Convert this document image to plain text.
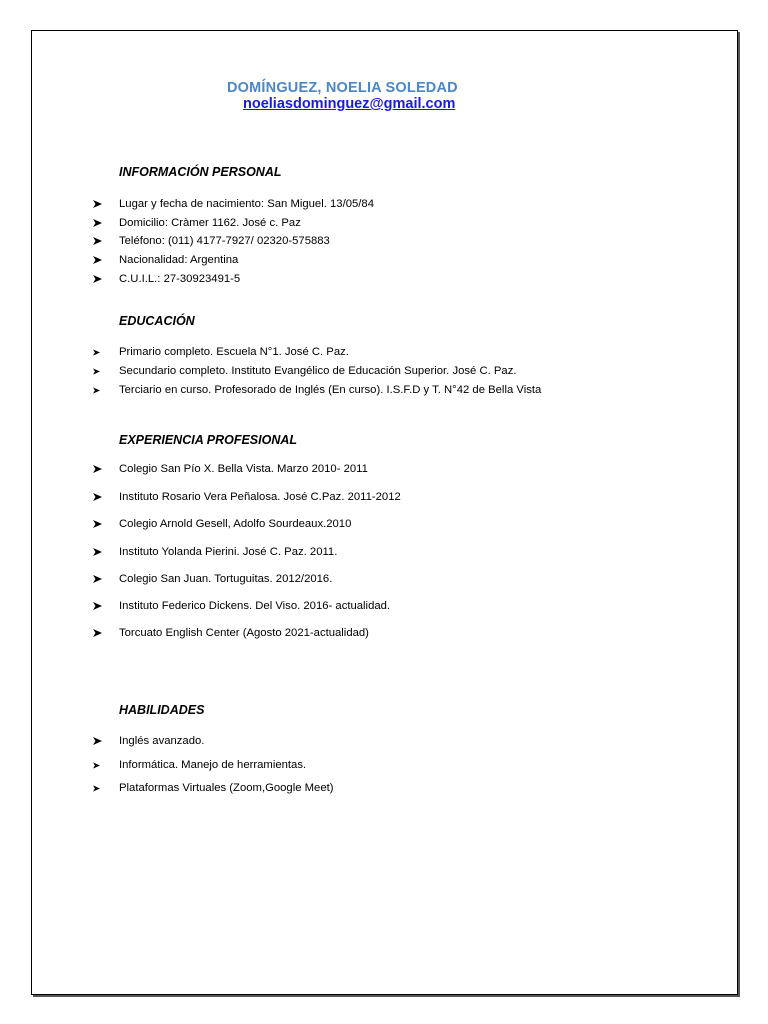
DOMÍNGUEZ, NOELIA SOLEDAD
noeliasdominguez@gmail.com
INFORMACIÓN PERSONAL
Lugar y fecha de nacimiento: San Miguel. 13/05/84
Domicilio: Cràmer 1162. José c. Paz
Teléfono: (011) 4177-7927/ 02320-575883
Nacionalidad: Argentina
C.U.I.L.: 27-30923491-5
EDUCACIÓN
Primario completo. Escuela N°1. José C. Paz.
Secundario completo. Instituto Evangélico de Educación Superior. José C. Paz.
Terciario en curso. Profesorado de Inglés (En curso). I.S.F.D y T. N°42 de Bella Vista
EXPERIENCIA PROFESIONAL
Colegio San Pío X. Bella Vista. Marzo 2010- 2011
Instituto Rosario Vera Peñalosa. José C.Paz. 2011-2012
Colegio Arnold Gesell, Adolfo Sourdeaux.2010
Instituto Yolanda Pierini. José C. Paz. 2011.
Colegio San Juan. Tortuguitas. 2012/2016.
Instituto Federico Dickens. Del Viso. 2016- actualidad.
Torcuato English Center (Agosto 2021-actualidad)
HABILIDADES
Inglés avanzado.
Informática. Manejo de herramientas.
Plataformas Virtuales (Zoom,Google Meet)
